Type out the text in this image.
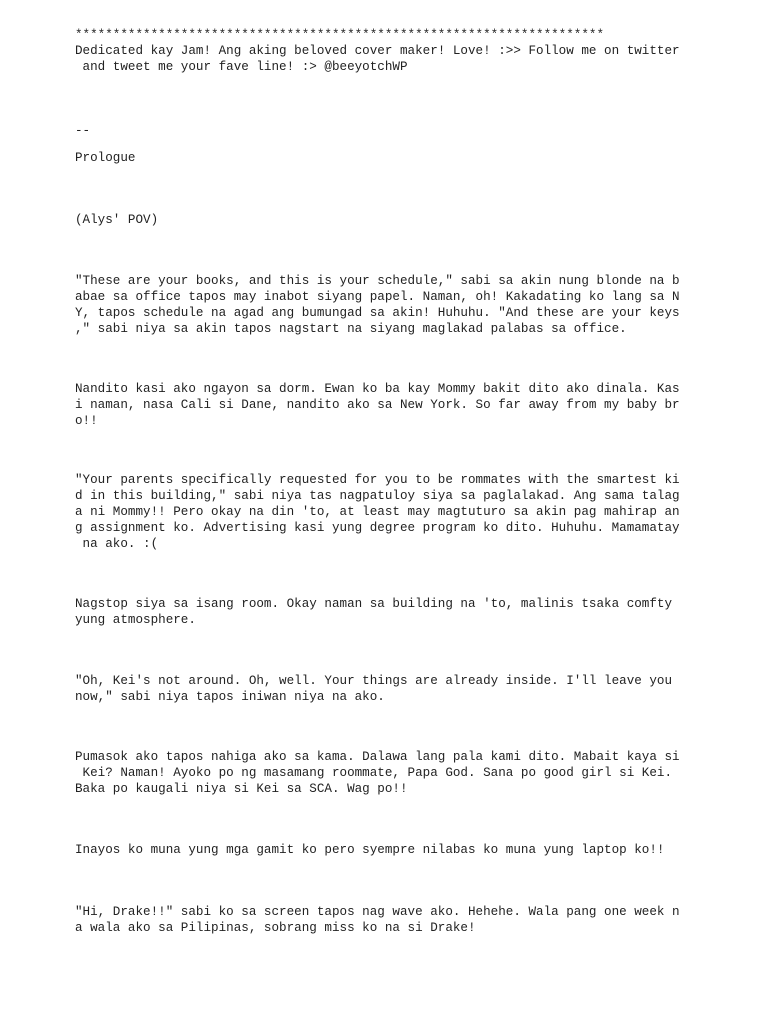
**********************************************************************
Dedicated kay Jam! Ang aking beloved cover maker! Love! :>> Follow me on twitter
and tweet me your fave line! :> @beeyotchWP
--
Prologue
(Alys' POV)
"These are your books, and this is your schedule," sabi sa akin nung blonde na b
abae sa office tapos may inabot siyang papel. Naman, oh! Kakadating ko lang sa N
Y, tapos schedule na agad ang bumungad sa akin! Huhuhu. "And these are your keys
," sabi niya sa akin tapos nagstart na siyang maglakad palabas sa office.
Nandito kasi ako ngayon sa dorm. Ewan ko ba kay Mommy bakit dito ako dinala. Kas
i naman, nasa Cali si Dane, nandito ako sa New York. So far away from my baby br
o!!
"Your parents specifically requested for you to be rommates with the smartest ki
d in this building," sabi niya tas nagpatuloy siya sa paglalakad. Ang sama talag
a ni Mommy!! Pero okay na din 'to, at least may magtuturo sa akin pag mahirap an
g assignment ko. Advertising kasi yung degree program ko dito. Huhuhu. Mamamatay
na ako. :(
Nagstop siya sa isang room. Okay naman sa building na 'to, malinis tsaka comfty
yung atmosphere.
"Oh, Kei's not around. Oh, well. Your things are already inside. I'll leave you
now," sabi niya tapos iniwan niya na ako.
Pumasok ako tapos nahiga ako sa kama. Dalawa lang pala kami dito. Mabait kaya si
Kei? Naman! Ayoko po ng masamang roommate, Papa God. Sana po good girl si Kei.
Baka po kaugali niya si Kei sa SCA. Wag po!!
Inayos ko muna yung mga gamit ko pero syempre nilabas ko muna yung laptop ko!!
"Hi, Drake!!" sabi ko sa screen tapos nag wave ako. Hehehe. Wala pang one week n
a wala ako sa Pilipinas, sobrang miss ko na si Drake!
